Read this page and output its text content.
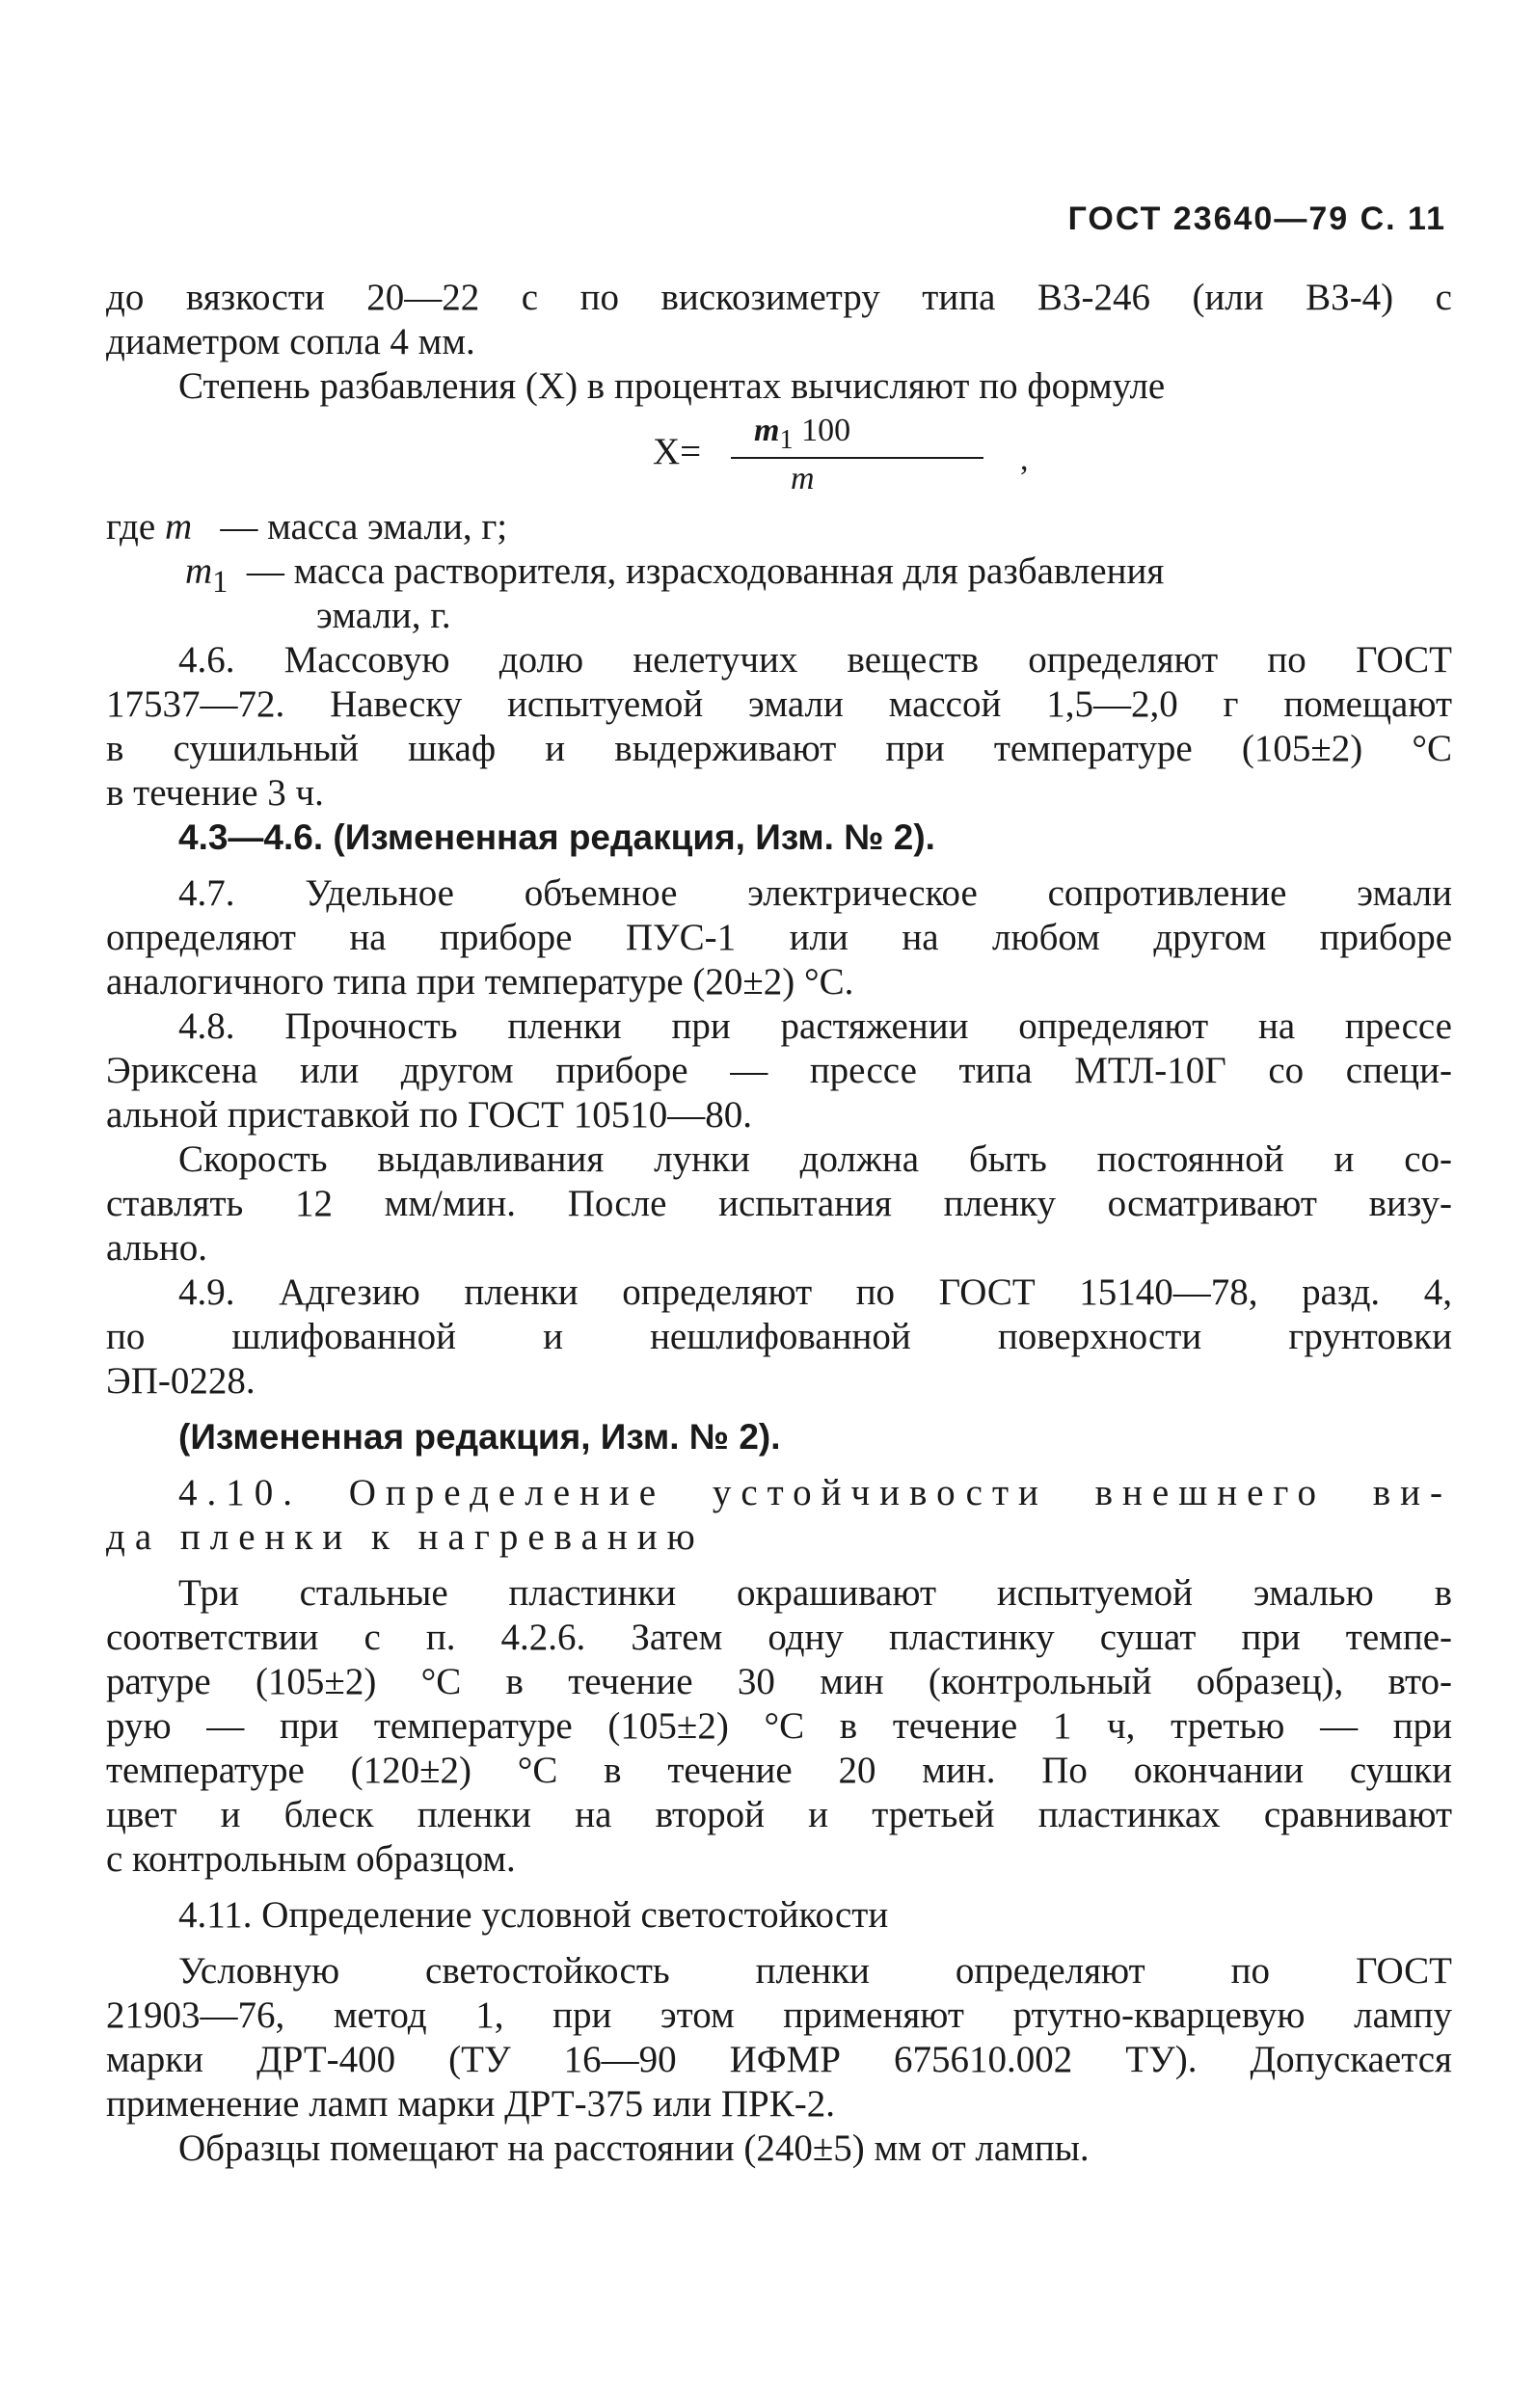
ГОСТ 23640—79 С. 11
до вязкости 20—22 с по вискозиметру типа ВЗ-246 (или ВЗ-4) с
диаметром сопла 4 мм.
Степень разбавления (X) в процентах вычисляют по формуле
X=
$m_1$ 100
m
,
где m — масса эмали, г;
$m_1$ — масса растворителя, израсходованная для разбавления
эмали, г.
4.6. Массовую долю нелетучих веществ определяют по ГОСТ
17537—72. Навеску испытуемой эмали массой 1,5—2,0 г помещают
в сушильный шкаф и выдерживают при температуре (105±2) °С
в течение 3 ч.
4.3—4.6. (Измененная редакция, Изм. № 2).
4.7. Удельное объемное электрическое сопротивление эмали
определяют на приборе ПУС-1 или на любом другом приборе
аналогичного типа при температуре (20±2) °С.
4.8. Прочность пленки при растяжении определяют на прессе
Эриксена или другом приборе — прессе типа МТЛ-10Г со специ-
альной приставкой по ГОСТ 10510—80.
Скорость выдавливания лунки должна быть постоянной и со-
ставлять 12 мм/мин. После испытания пленку осматривают визу-
ально.
4.9. Адгезию пленки определяют по ГОСТ 15140—78, разд. 4,
по шлифованной и нешлифованной поверхности грунтовки
ЭП-0228.
(Измененная редакция, Изм. № 2).
4.10. Определение устойчивости внешнего ви-
да пленки к нагреванию
Три стальные пластинки окрашивают испытуемой эмалью в
соответствии с п. 4.2.6. Затем одну пластинку сушат при темпе-
ратуре (105±2) °С в течение 30 мин (контрольный образец), вто-
рую — при температуре (105±2) °С в течение 1 ч, третью — при
температуре (120±2) °С в течение 20 мин. По окончании сушки
цвет и блеск пленки на второй и третьей пластинках сравнивают
с контрольным образцом.
4.11. Определение условной светостойкости
Условную светостойкость пленки определяют по ГОСТ
21903—76, метод 1, при этом применяют ртутно-кварцевую лампу
марки ДРТ-400 (ТУ 16—90 ИФМР 675610.002 ТУ). Допускается
применение ламп марки ДРТ-375 или ПРК-2.
Образцы помещают на расстоянии (240±5) мм от лампы.
